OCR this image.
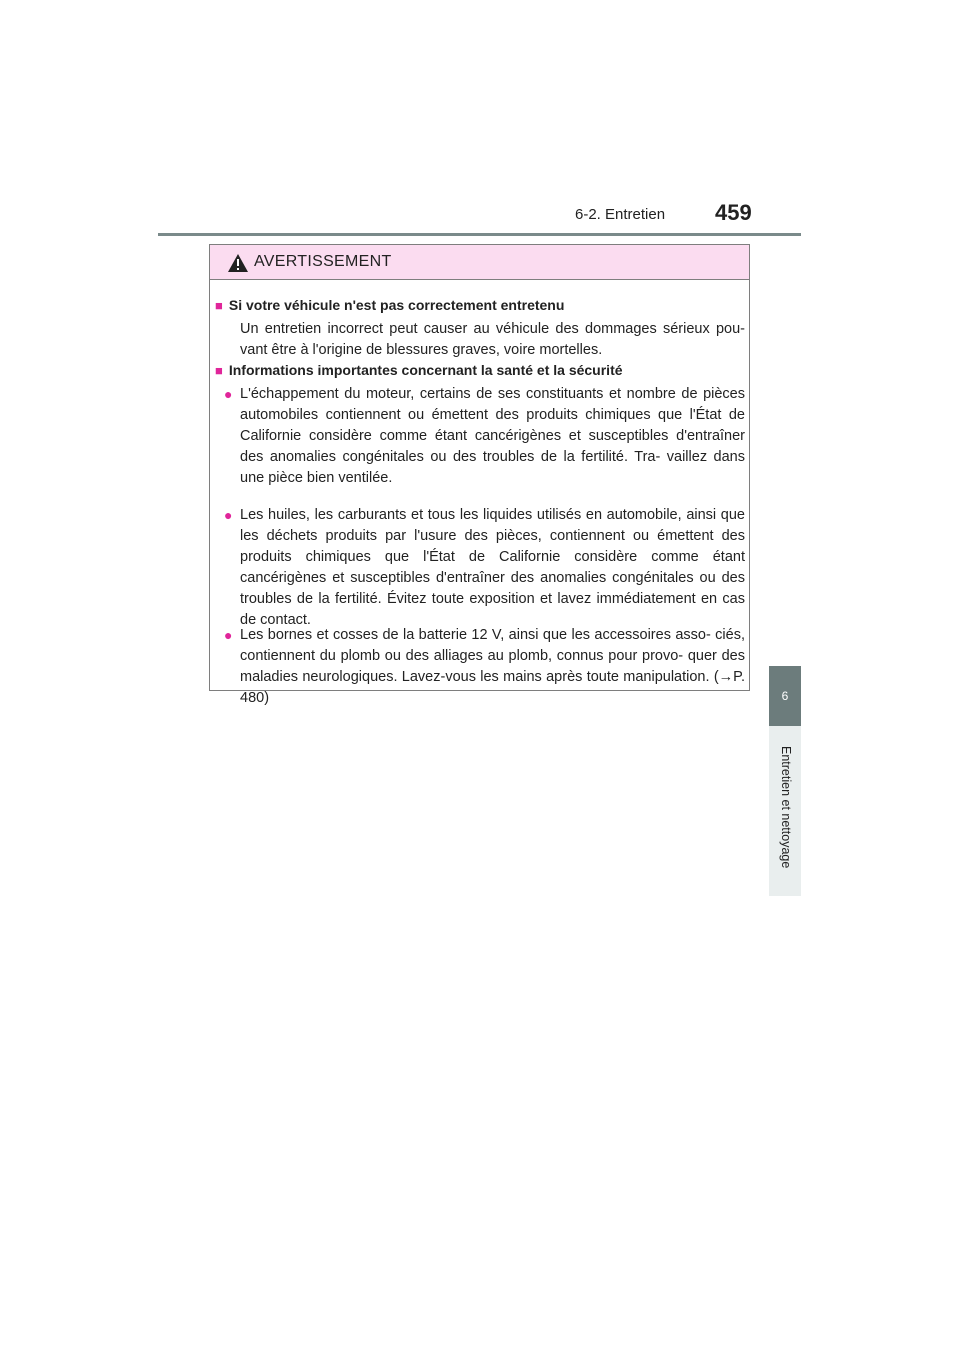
6-2. Entretien 459
6
Entretien et nettoyage
AVERTISSEMENT
■ Si votre véhicule n'est pas correctement entretenu
Un entretien incorrect peut causer au véhicule des dommages sérieux pou- vant être à l'origine de blessures graves, voire mortelles.
■ Informations importantes concernant la santé et la sécurité
● L'échappement du moteur, certains de ses constituants et nombre de pièces automobiles contiennent ou émettent des produits chimiques que l'État de Californie considère comme étant cancérigènes et susceptibles d'entraîner des anomalies congénitales ou des troubles de la fertilité. Tra- vaillez dans une pièce bien ventilée.
● Les huiles, les carburants et tous les liquides utilisés en automobile, ainsi que les déchets produits par l'usure des pièces, contiennent ou émettent des produits chimiques que l'État de Californie considère comme étant cancérigènes et susceptibles d'entraîner des anomalies congénitales ou des troubles de la fertilité. Évitez toute exposition et lavez immédiatement en cas de contact.
● Les bornes et cosses de la batterie 12 V, ainsi que les accessoires asso- ciés, contiennent du plomb ou des alliages au plomb, connus pour provo- quer des maladies neurologiques. Lavez-vous les mains après toute manipulation. (→P. 480)
